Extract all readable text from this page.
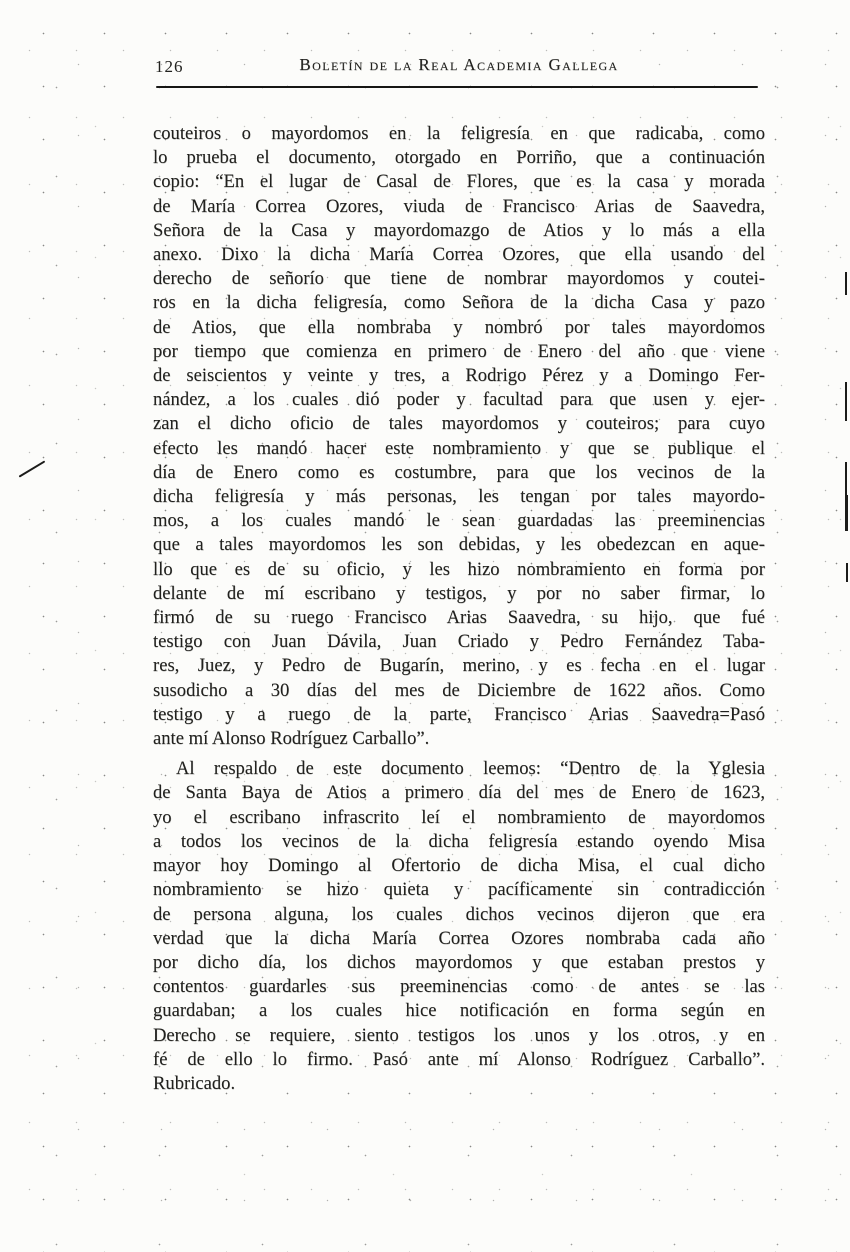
126	Boletín de la Real Academia Gallega
couteiros o mayordomos en la feligresía en que radicaba, como
lo prueba el documento, otorgado en Porriño, que a continuación
copio: “En el lugar de Casal de Flores, que es la casa y morada
de María Correa Ozores, viuda de Francisco Arias de Saavedra,
Señora de la Casa y mayordomazgo de Atios y lo más a ella
anexo. Dixo la dicha María Correa Ozores, que ella usando del
derecho de señorío que tiene de nombrar mayordomos y coutei-
ros en la dicha feligresía, como Señora de la dicha Casa y pazo
de Atios, que ella nombraba y nombró por tales mayordomos
por tiempo que comienza en primero de Enero del año que viene
de seiscientos y veinte y tres, a Rodrigo Pérez y a Domingo Fer-
nández, a los cuales dió poder y facultad para que usen y ejer-
zan el dicho oficio de tales mayordomos y couteiros; para cuyo
efecto les mandó hacer este nombramiento y que se publique el
día de Enero como es costumbre, para que los vecinos de la
dicha feligresía y más personas, les tengan por tales mayordo-
mos, a los cuales mandó le sean guardadas las preeminencias
que a tales mayordomos les son debidas, y les obedezcan en aque-
llo que es de su oficio, y les hizo nombramiento en forma por
delante de mí escribano y testigos, y por no saber firmar, lo
firmó de su ruego Francisco Arias Saavedra, su hijo, que fué
testigo con Juan Dávila, Juan Criado y Pedro Fernández Taba-
res, Juez, y Pedro de Bugarín, merino, y es fecha en el lugar
susodicho a 30 días del mes de Diciembre de 1622 años. Como
testigo y a ruego de la parte, Francisco Arias Saavedra=Pasó
ante mí Alonso Rodríguez Carballo”.
Al respaldo de este documento leemos: “Dentro de la Yglesia
de Santa Baya de Atios a primero día del mes de Enero de 1623,
yo el escribano infrascrito leí el nombramiento de mayordomos
a todos los vecinos de la dicha feligresía estando oyendo Misa
mayor hoy Domingo al Ofertorio de dicha Misa, el cual dicho
nombramiento se hizo quieta y pacíficamente sin contradicción
de persona alguna, los cuales dichos vecinos dijeron que era
verdad que la dicha María Correa Ozores nombraba cada año
por dicho día, los dichos mayordomos y que estaban prestos y
contentos guardarles sus preeminencias como de antes se las
guardaban; a los cuales hice notificación en forma según en
Derecho se requiere, siento testigos los unos y los otros, y en
fé de ello lo firmo. Pasó ante mí Alonso Rodríguez Carballo”.
Rubricado.
